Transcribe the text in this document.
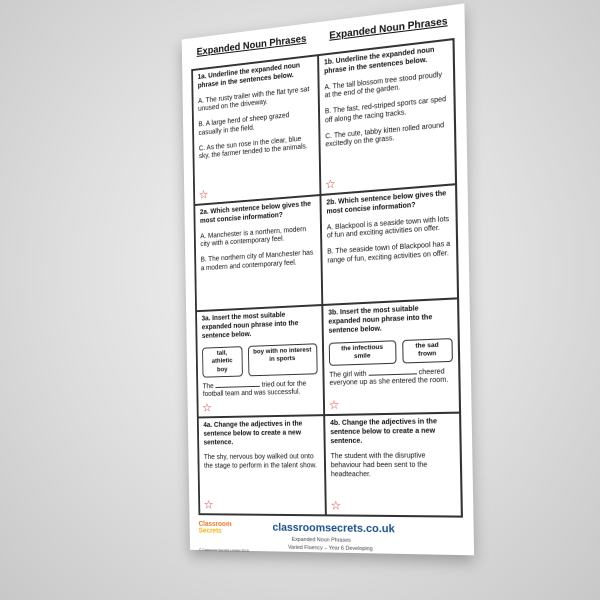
Expanded Noun Phrases
Expanded Noun Phrases

1a. Underline the expanded noun phrase in the sentences below.

A. The rusty trailer with the flat tyre sat unused on the driveway.

B. A large herd of sheep grazed casually in the field.

C. As the sun rose in the clear, blue sky, the farmer tended to the animals.

☆

1b. Underline the expanded noun phrase in the sentences below.

A. The tall blossom tree stood proudly at the end of the garden.

B. The fast, red-striped sports car sped off along the racing tracks.

C. The cute, tabby kitten rolled around excitedly on the grass.

☆

2a. Which sentence below gives the most concise information?

A. Manchester is a northern, modern city with a contemporary feel.

B. The northern city of Manchester has a modern and contemporary feel.

2b. Which sentence below gives the most concise information?

A. Blackpool is a seaside town with lots of fun and exciting activities on offer.

B. The seaside town of Blackpool has a range of fun, exciting activities on offer.

3a. Insert the most suitable expanded noun phrase into the sentence below.

tall, athletic boy
boy with no interest in sports

The	tried out for the football team and was successful.

☆

3b. Insert the most suitable expanded noun phrase into the sentence below.

the infectious smile
the sad frown

The girl with	cheered everyone up as she entered the room.

☆

4a. Change the adjectives in the sentence below to create a new sentence.

The shy, nervous boy walked out onto the stage to perform in the talent show.

☆

4b. Change the adjectives in the sentence below to create a new sentence.

The student with the disruptive behaviour had been sent to the headteacher.

☆
Classroom
Secrets
© Classroom Secrets Limited 2019
classroomsecrets.co.uk
Expanded Noun Phrases
Varied Fluency – Year 6 Developing
